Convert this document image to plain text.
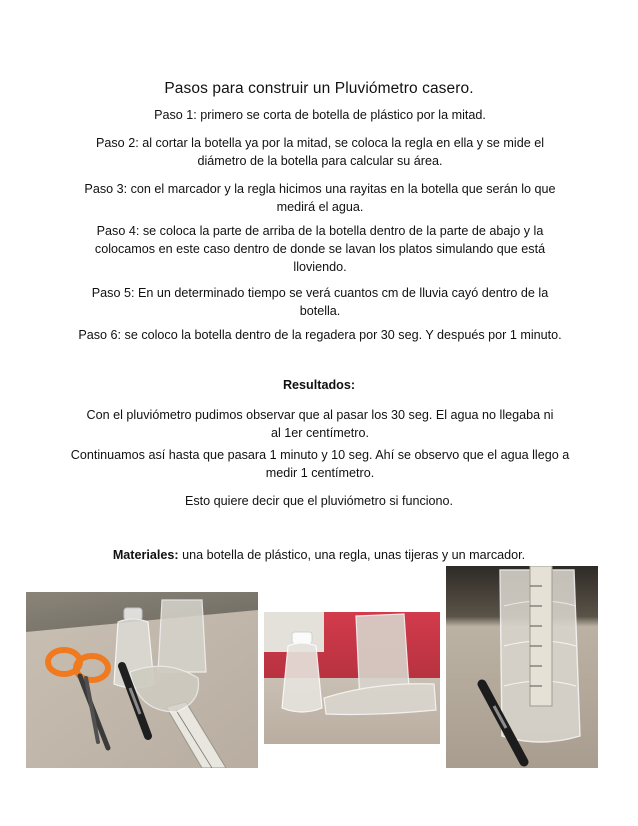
Pasos para construir un Pluviómetro casero.
Paso 1: primero se corta de botella de plástico por la mitad.
Paso 2: al cortar la botella ya por la mitad, se coloca la regla en ella y se mide el diámetro de la botella para calcular su área.
Paso 3: con el marcador y la regla hicimos una rayitas en la botella que serán lo que medirá el agua.
Paso 4: se coloca la parte de arriba de la botella dentro de la parte de abajo y la colocamos en este caso dentro de donde se lavan los platos simulando que está lloviendo.
Paso 5: En un determinado tiempo se verá cuantos cm de lluvia cayó dentro de la botella.
Paso 6: se coloco la botella dentro de la regadera por 30 seg. Y después por 1 minuto.
Resultados:
Con el pluviómetro pudimos observar que al pasar los 30 seg. El agua no llegaba ni al 1er centímetro.
Continuamos así hasta que pasara 1 minuto y 10 seg. Ahí se observo que el agua llego a medir 1 centímetro.
Esto quiere decir que el pluviómetro si funciono.
Materiales: una botella de plástico, una regla, unas tijeras y un marcador.
